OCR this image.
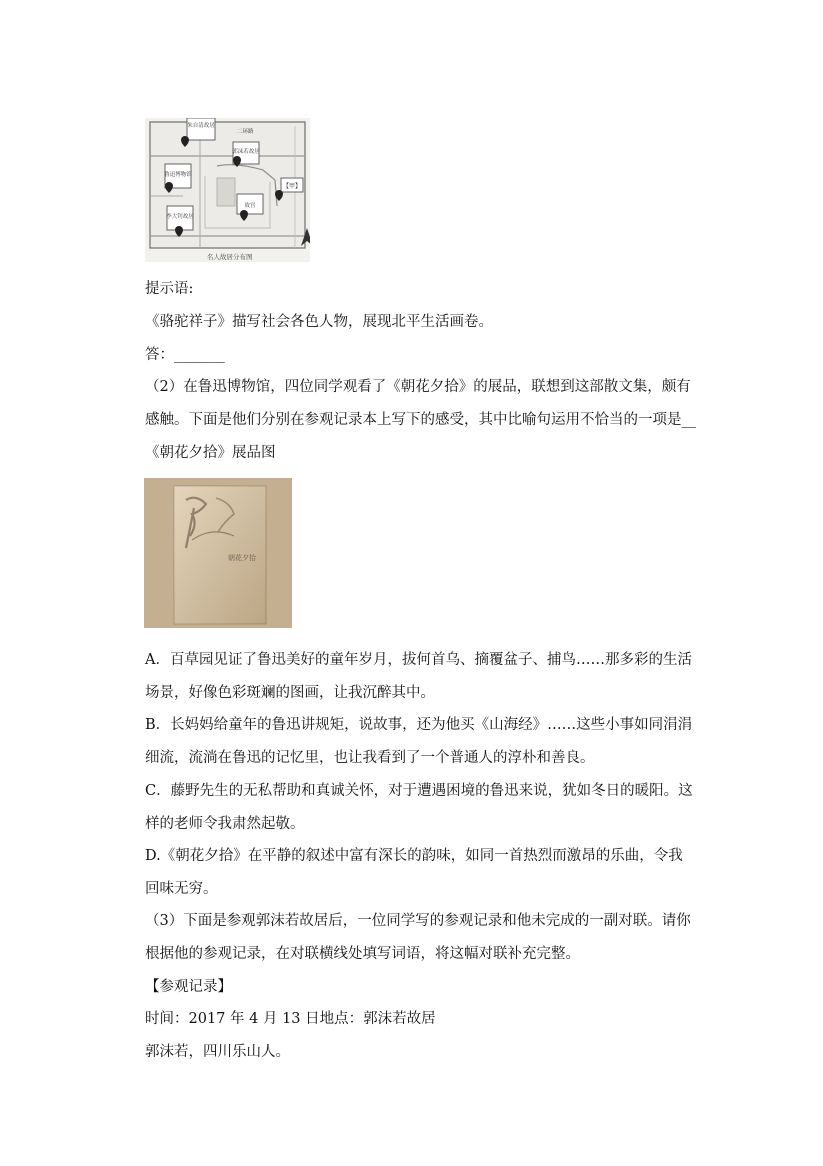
朱自清故居
二环路
郭沫若故居
鲁迅博物馆
【甲】
李大钊故居
故宫
名人故居分布图
提示语:
《骆驼祥子》描写社会各色人物，展现北平生活画卷。
答：_______
（2）在鲁迅博物馆，四位同学观看了《朝花夕拾》的展品，联想到这部散文集，颇有
感触。下面是他们分别在参观记录本上写下的感受，其中比喻句运用不恰当的一项是__
《朝花夕拾》展品图
朝花夕拾
A．百草园见证了鲁迅美好的童年岁月，拔何首乌、摘覆盆子、捕鸟……那多彩的生活
场景，好像色彩斑斓的图画，让我沉醉其中。
B．长妈妈给童年的鲁迅讲规矩，说故事，还为他买《山海经》……这些小事如同涓涓
细流，流淌在鲁迅的记忆里，也让我看到了一个普通人的淳朴和善良。
C．藤野先生的无私帮助和真诚关怀，对于遭遇困境的鲁迅来说，犹如冬日的暖阳。这
样的老师令我肃然起敬。
D.《朝花夕拾》在平静的叙述中富有深长的韵味，如同一首热烈而激昂的乐曲，令我
回味无穷。
（3）下面是参观郭沫若故居后，一位同学写的参观记录和他未完成的一副对联。请你
根据他的参观记录，在对联横线处填写词语，将这幅对联补充完整。
【参观记录】
时间：2017 年 4 月 13 日地点：郭沫若故居
郭沫若，四川乐山人。
